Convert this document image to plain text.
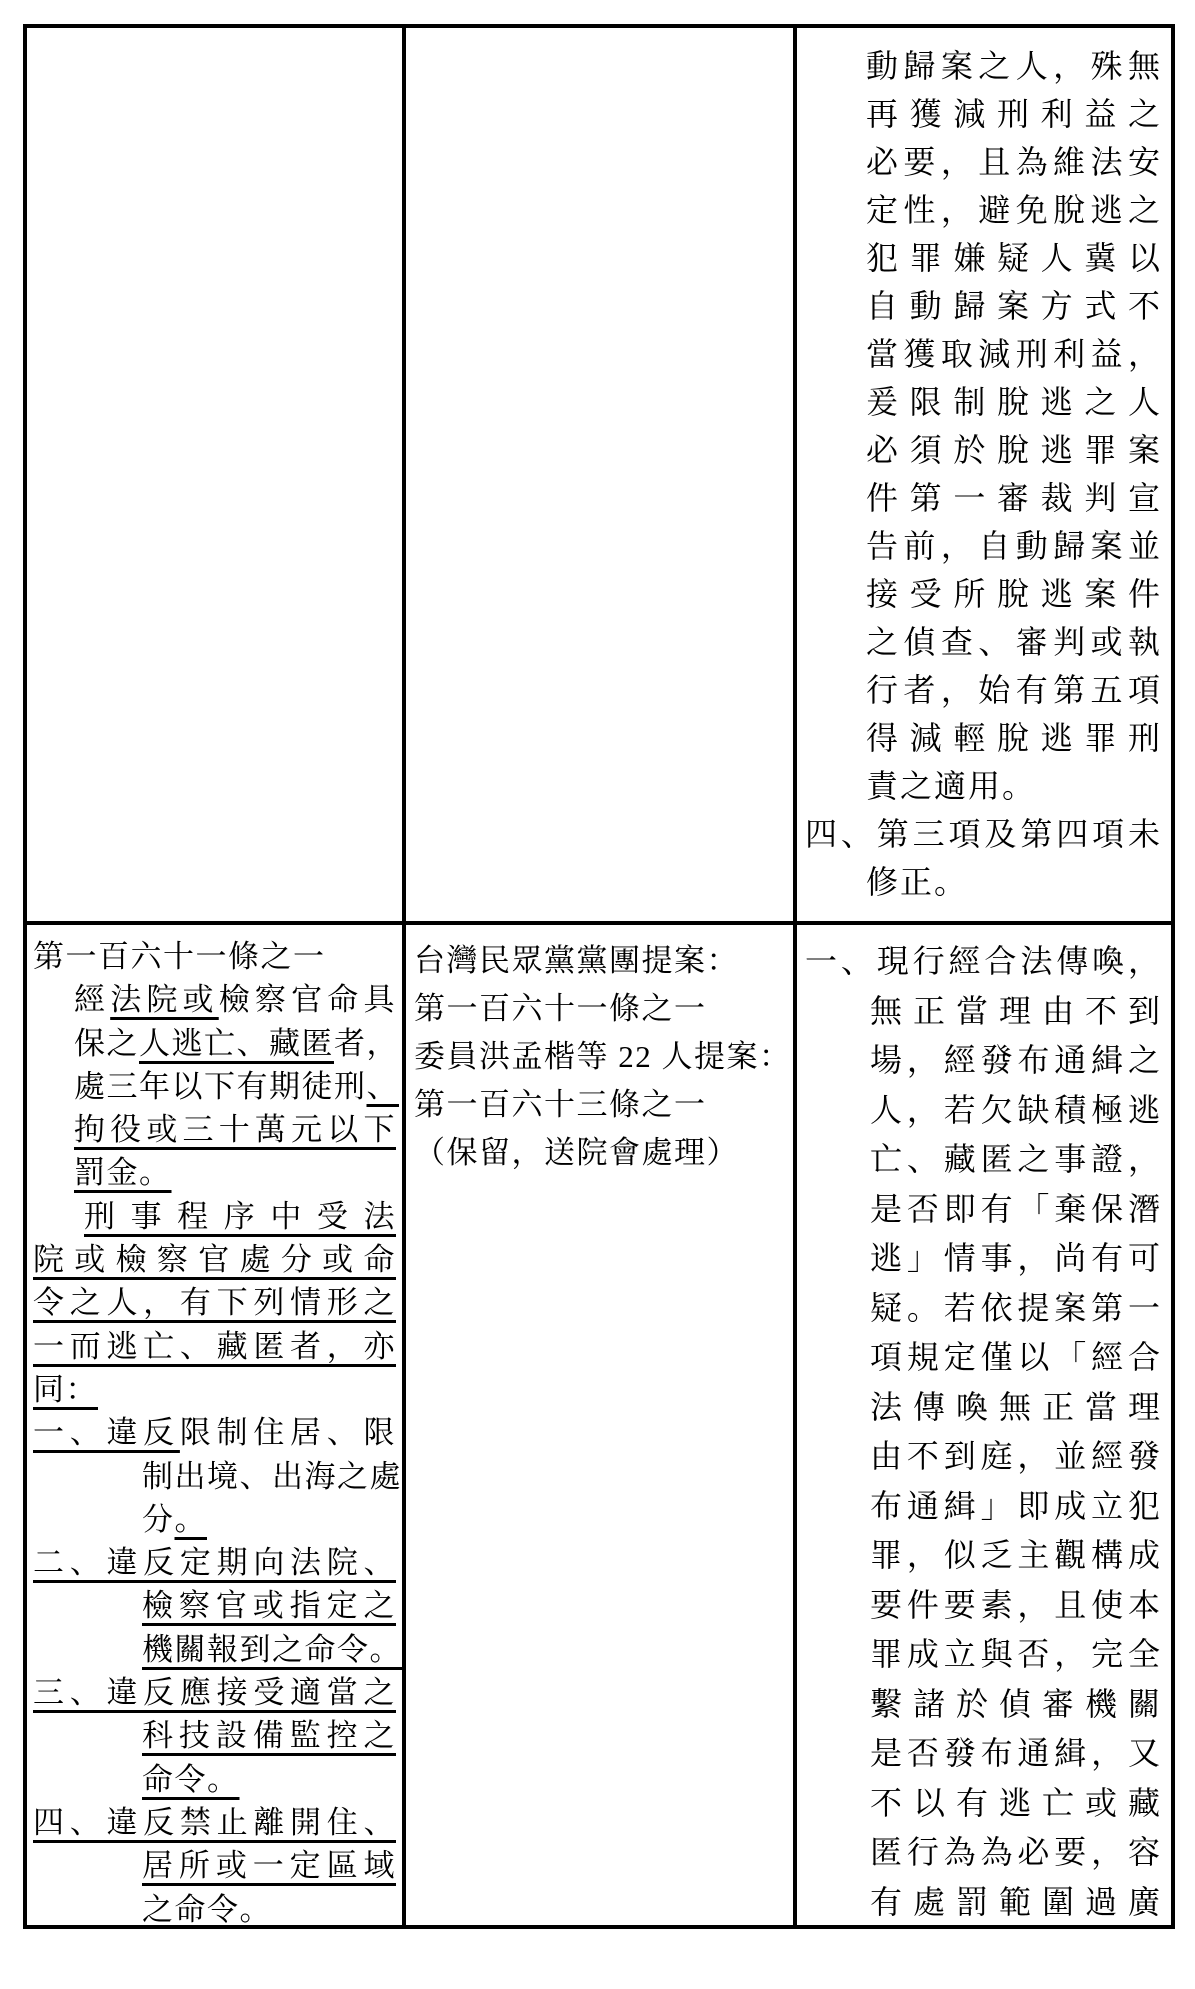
動歸案之人，殊無
再獲減刑利益之
必要，且為維法安
定性，避免脫逃之
犯罪嫌疑人冀以
自動歸案方式不
當獲取減刑利益，
爰限制脫逃之人
必須於脫逃罪案
件第一審裁判宣
告前，自動歸案並
接受所脫逃案件
之偵查、審判或執
行者，始有第五項
得減輕脫逃罪刑
責之適用。
四、第三項及第四項未
修正。
第一百六十一條之一
經法院或檢察官命具
保之人逃亡、藏匿者，
處三年以下有期徒刑、
拘役或三十萬元以下
罰金。
刑事程序中受法
院或檢察官處分或命
令之人，有下列情形之
一而逃亡、藏匿者，亦
同：
一、違反限制住居、限
制出境、出海之處
分。
二、違反定期向法院、
檢察官或指定之
機關報到之命令。
三、違反應接受適當之
科技設備監控之
命令。
四、違反禁止離開住、
居所或一定區域
之命令。
台灣民眾黨黨團提案：
第一百六十一條之一
委員洪孟楷等 22 人提案：
第一百六十三條之一
（保留，送院會處理）
一、現行經合法傳喚，
無正當理由不到
場，經發布通緝之
人，若欠缺積極逃
亡、藏匿之事證，
是否即有「棄保潛
逃」情事，尚有可
疑。若依提案第一
項規定僅以「經合
法傳喚無正當理
由不到庭，並經發
布通緝」即成立犯
罪，似乏主觀構成
要件要素，且使本
罪成立與否，完全
繫諸於偵審機關
是否發布通緝，又
不以有逃亡或藏
匿行為為必要，容
有處罰範圍過廣
